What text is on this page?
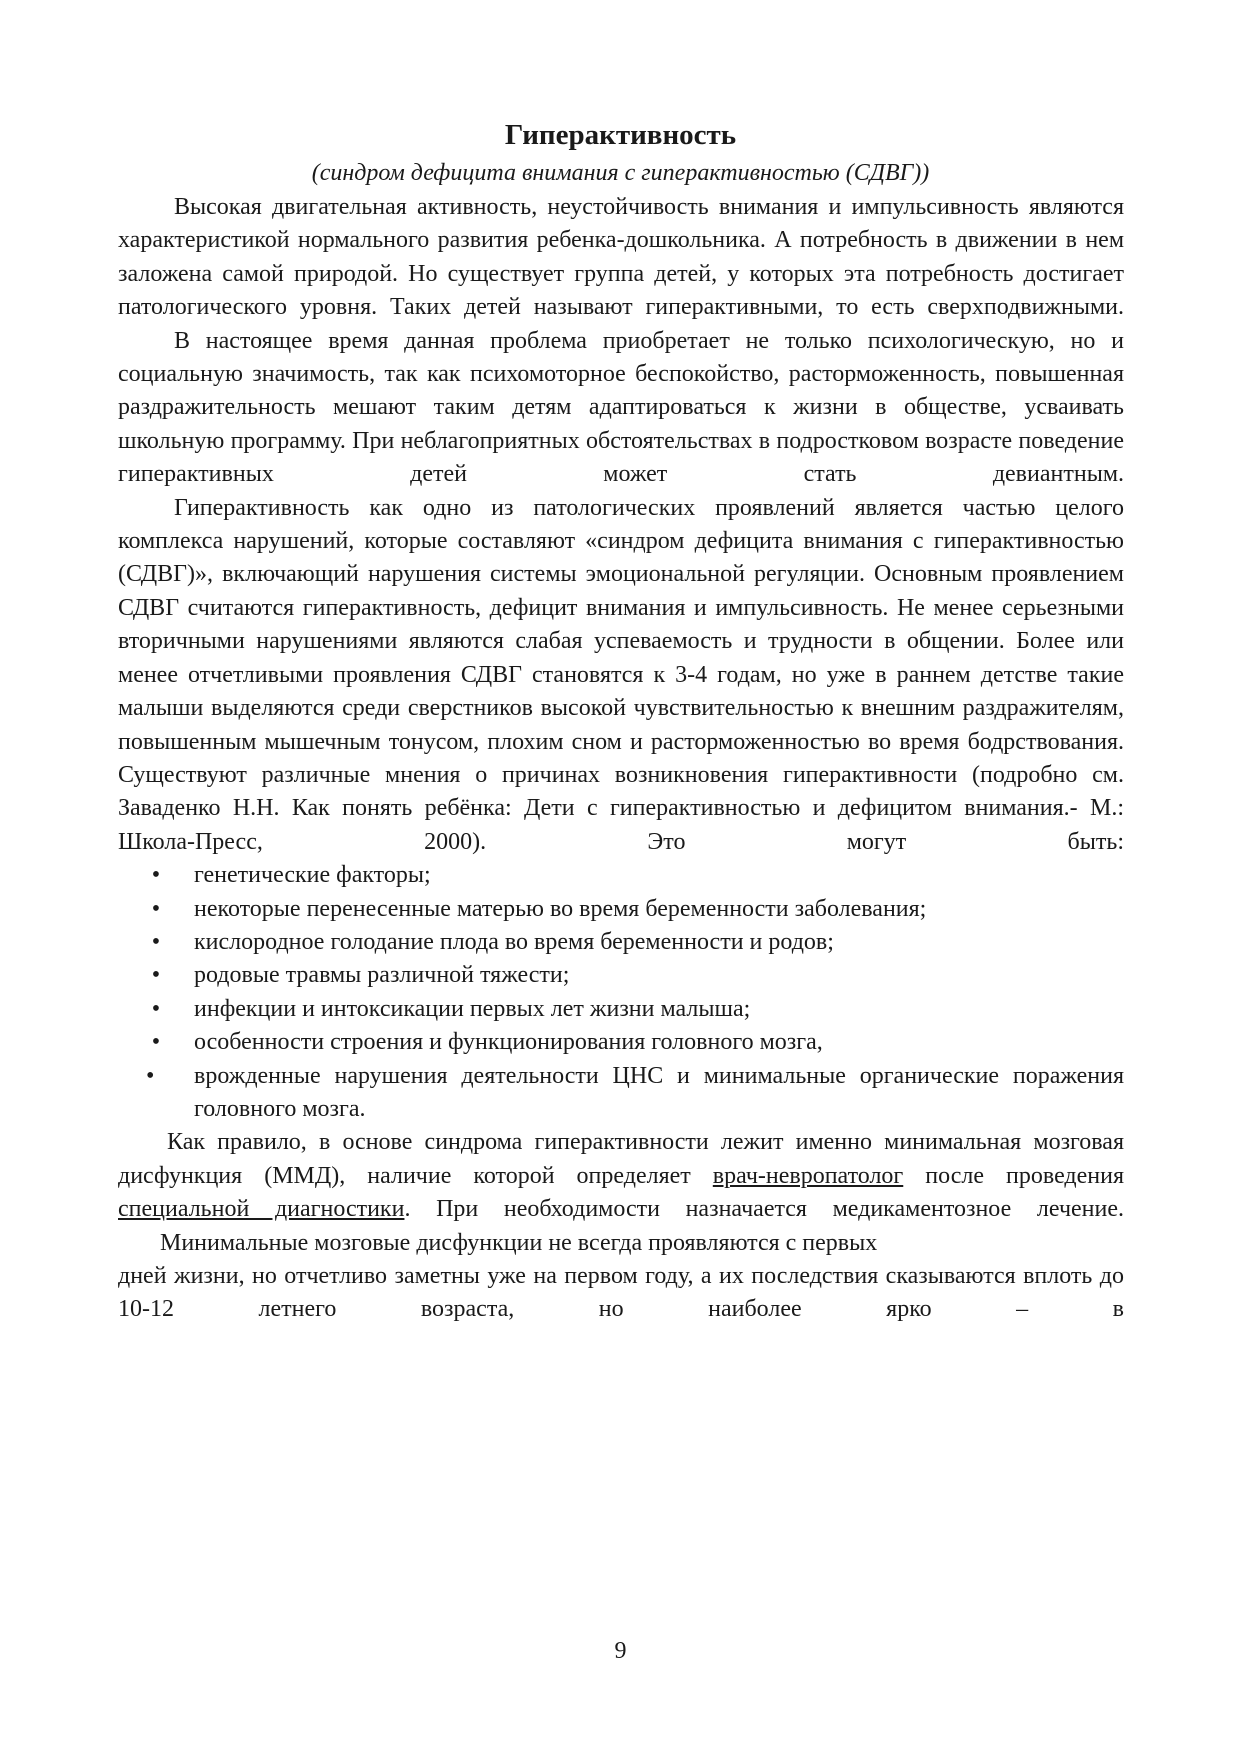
Гиперактивность
(синдром дефицита внимания с гиперактивностью (СДВГ))

Высокая двигательная активность, неустойчивость внимания и импульсивность являются характеристикой нормального развития ребенка-дошкольника. А потребность в движении в нем заложена самой природой. Но существует группа детей, у которых эта потребность достигает патологического уровня. Таких детей называют гиперактивными, то есть сверхподвижными.

В настоящее время данная проблема приобретает не только психологическую, но и социальную значимость, так как психомоторное беспокойство, расторможенность, повышенная раздражительность мешают таким детям адаптироваться к жизни в обществе, усваивать школьную программу. При неблагоприятных обстоятельствах в подростковом возрасте поведение гиперактивных детей может стать девиантным.

Гиперактивность как одно из патологических проявлений является частью целого комплекса нарушений, которые составляют «синдром дефицита внимания с гиперактивностью (СДВГ)», включающий нарушения системы эмоциональной регуляции. Основным проявлением СДВГ считаются гиперактивность, дефицит внимания и импульсивность. Не менее серьезными вторичными нарушениями являются слабая успеваемость и трудности в общении. Более или менее отчетливыми проявления СДВГ становятся к 3-4 годам, но уже в раннем детстве такие малыши выделяются среди сверстников высокой чувствительностью к внешним раздражителям, повышенным мышечным тонусом, плохим сном и расторможенностью во время бодрствования. Существуют различные мнения о причинах возникновения гиперактивности (подробно см. Заваденко Н.Н. Как понять ребёнка: Дети с гиперактивностью и дефицитом внимания.- М.: Школа-Пресс, 2000). Это могут быть:

• генетические факторы;
• некоторые перенесенные матерью во время беременности заболевания;
• кислородное голодание плода во время беременности и родов;
• родовые травмы различной тяжести;
• инфекции и интоксикации первых лет жизни малыша;
• особенности строения и функционирования головного мозга,
•	врожденные нарушения деятельности ЦНС и минимальные органические поражения головного мозга.

Как правило, в основе синдрома гиперактивности лежит именно минимальная мозговая дисфункция (ММД), наличие которой определяет врач-невропатолог после проведения специальной диагностики. При необходимости назначается медикаментозное лечение.

Минимальные мозговые дисфункции не всегда проявляются с первых

дней жизни, но отчетливо заметны уже на первом году, а их последствия сказываются вплоть до 10-12 летнего возраста, но наиболее ярко – в

9
